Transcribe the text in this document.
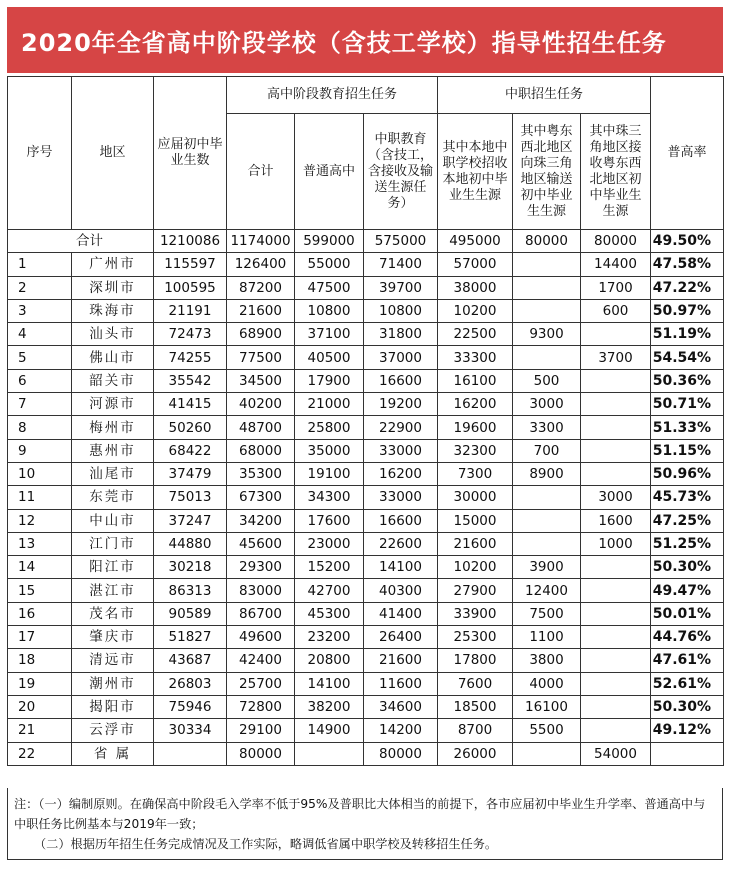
2020年全省高中阶段学校（含技工学校）指导性招生任务
序号	地区	应届初中毕业生数	高中阶段教育招生任务			中职招生任务			普高率
			合计	普通高中	中职教育（含技工，含接收及输送生源任务）	其中本地中职学校招收本地初中毕业生生源	其中粤东西北地区向珠三角地区输送初中毕业生生源	其中珠三角地区接收粤东西北地区初中毕业生生源	

合计		1210086	1174000	599000	575000	495000	80000	80000	49.50%
1	广州市	115597	126400	55000	71400	57000		14400	47.58%
2	深圳市	100595	87200	47500	39700	38000		1700	47.22%
3	珠海市	21191	21600	10800	10800	10200		600	50.97%
4	汕头市	72473	68900	37100	31800	22500	9300		51.19%
5	佛山市	74255	77500	40500	37000	33300		3700	54.54%
6	韶关市	35542	34500	17900	16600	16100	500		50.36%
7	河源市	41415	40200	21000	19200	16200	3000		50.71%
8	梅州市	50260	48700	25800	22900	19600	3300		51.33%
9	惠州市	68422	68000	35000	33000	32300	700		51.15%
10	汕尾市	37479	35300	19100	16200	7300	8900		50.96%
11	东莞市	75013	67300	34300	33000	30000		3000	45.73%
12	中山市	37247	34200	17600	16600	15000		1600	47.25%
13	江门市	44880	45600	23000	22600	21600		1000	51.25%
14	阳江市	30218	29300	15200	14100	10200	3900		50.30%
15	湛江市	86313	83000	42700	40300	27900	12400		49.47%
16	茂名市	90589	86700	45300	41400	33900	7500		50.01%
17	肇庆市	51827	49600	23200	26400	25300	1100		44.76%
18	清远市	43687	42400	20800	21600	17800	3800		47.61%
19	潮州市	26803	25700	14100	11600	7600	4000		52.61%
20	揭阳市	75946	72800	38200	34600	18500	16100		50.30%
21	云浮市	30334	29100	14900	14200	8700	5500		49.12%
22	省 属		80000		80000	26000		54000	
注：（一）编制原则。在确保高中阶段毛入学率不低于95%及普职比大体相当的前提下，各市应届初中毕业生升学率、普通高中与中职任务比例基本与2019年一致；
（二）根据历年招生任务完成情况及工作实际，略调低省属中职学校及转移招生任务。
